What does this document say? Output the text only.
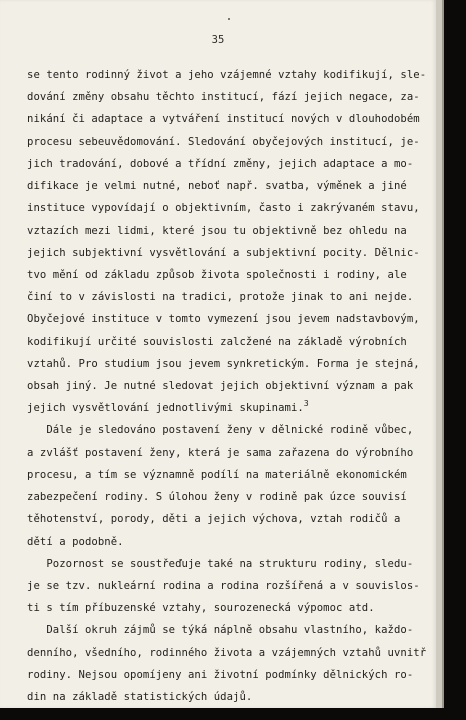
35
se tento rodinný život a jeho vzájemné vztahy kodifikují, sle-
dování změny obsahu těchto institucí, fází jejich negace, za-
nikání či adaptace a vytváření institucí nových v dlouhodobém
procesu sebeuvědomování. Sledování obyčejových institucí, je-
jich tradování, dobové a třídní změny, jejich adaptace a mo-
difikace je velmi nutné, neboť např. svatba, výměnek a jiné
instituce vypovídají o objektivním, často i zakrývaném stavu,
vztazích mezi lidmi, které jsou tu objektivně bez ohledu na
jejich subjektivní vysvětlování a subjektivní pocity. Dělnic-
tvo mění od základu způsob života společnosti i rodiny, ale
činí to v závislosti na tradici, protože jinak to ani nejde.
Obyčejové instituce v tomto vymezení jsou jevem nadstavbovým,
kodifikují určité souvislosti zalcžené na základě výrobních
vztahů. Pro studium jsou jevem synkretickým. Forma je stejná,
obsah jiný. Je nutné sledovat jejich objektivní význam a pak
jejich vysvětlování jednotlivými skupinami.$^3$
Dále je sledováno postavení ženy v dělnické rodině vůbec,
a zvlášť postavení ženy, která je sama zařazena do výrobního
procesu, a tím se významně podílí na materiálně ekonomickém
zabezpečení rodiny. S úlohou ženy v rodině pak úzce souvisí
těhotenství, porody, děti a jejich výchova, vztah rodičů a
dětí a podobně.
Pozornost se soustřeďuje také na strukturu rodiny, sledu-
je se tzv. nukleární rodina a rodina rozšířená a v souvislos-
ti s tím příbuzenské vztahy, sourozenecká výpomoc atd.
Další okruh zájmů se týká náplně obsahu vlastního, každo-
denního, všedního, rodinného života a vzájemných vztahů uvnitř
rodiny. Nejsou opomíjeny ani životní podmínky dělnických ro-
din na základě statistických údajů.
